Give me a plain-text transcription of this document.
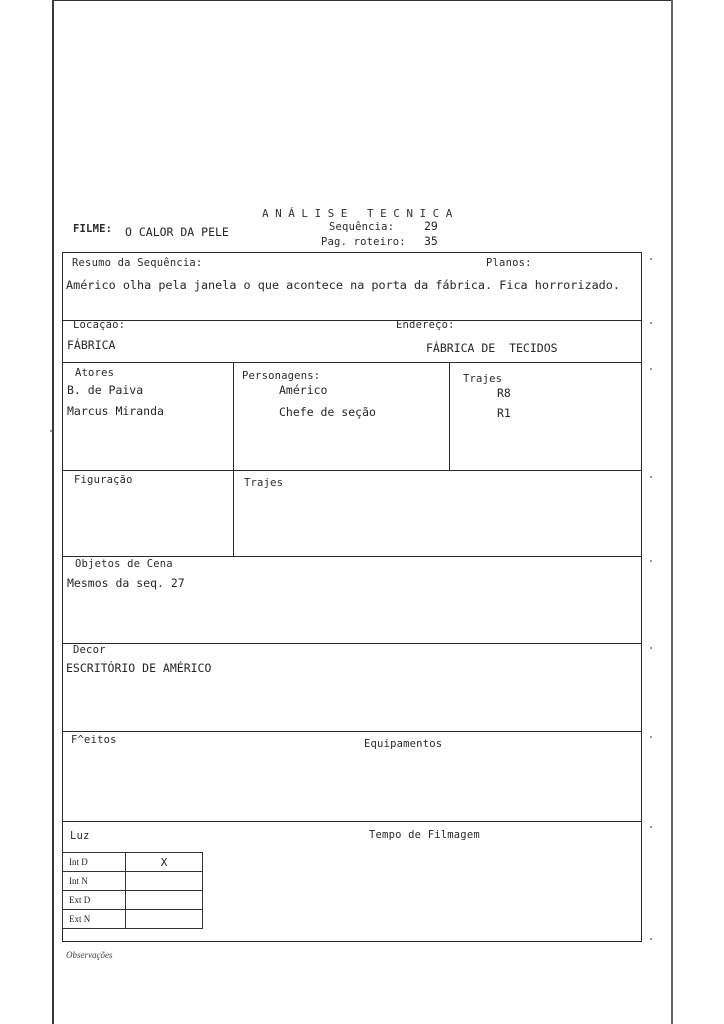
ANÁLISE TECNICA
FILME: O CALOR DA PELE	Sequência:	29
Pag. roteiro: 35
Resumo da Sequência:	Planos:
Américo olha pela janela o que acontece na porta da fábrica. Fica horrorizado.
Locação:
FÁBRICA
Endereço:
FÁBRICA DE  TECIDOS
Atores
B. de Paiva
Marcus Miranda
Personagens:
Américo
Chefe de seção
Trajes
R8
R1
Figuração	Trajes
Objetos de Cena
Mesmos da seq. 27
Decor
ESCRITÓRIO DE AMÉRICO
F^eitos	Equipamentos
Luz	Tempo de Filmagem
Int D	X
Int N	
Ext D	
Ext N	
Observações
